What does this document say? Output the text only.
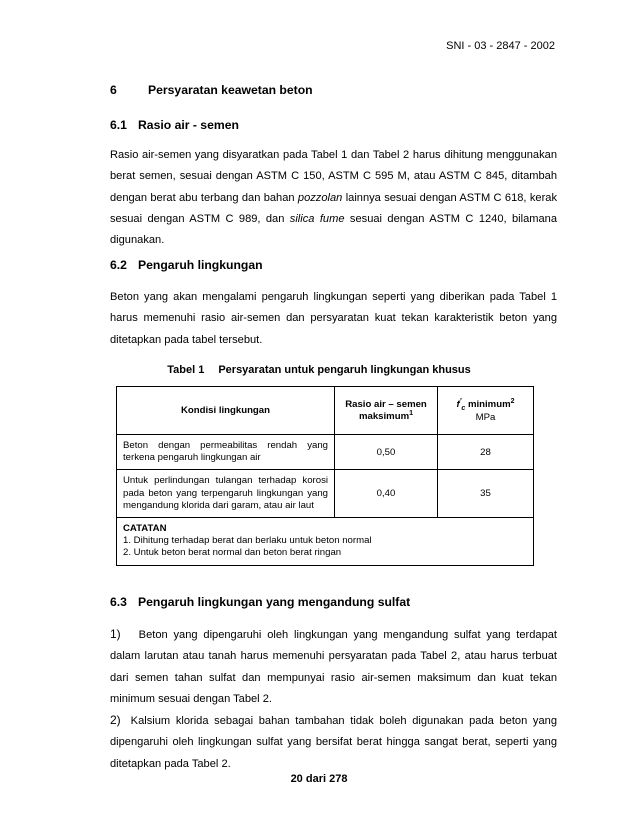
SNI - 03 - 2847 - 2002
6	Persyaratan keawetan beton
6.1 Rasio air - semen

Rasio air-semen yang disyaratkan pada Tabel 1 dan Tabel 2 harus dihitung menggunakan berat semen, sesuai dengan ASTM C 150, ASTM C 595 M, atau ASTM C 845, ditambah dengan berat abu terbang dan bahan pozzolan lainnya sesuai dengan ASTM C 618, kerak sesuai dengan ASTM C 989, dan silica fume sesuai dengan ASTM C 1240, bilamana digunakan.

6.2 Pengaruh lingkungan

Beton yang akan mengalami pengaruh lingkungan seperti yang diberikan pada Tabel 1 harus memenuhi rasio air-semen dan persyaratan kuat tekan karakteristik beton yang ditetapkan pada tabel tersebut.

Tabel 1 Persyaratan untuk pengaruh lingkungan khusus
Kondisi lingkungan	Rasio air – semen maksimum$^1$	$f'_c$ minimum$^2$
MPa
Beton dengan permeabilitas rendah yang terkena pengaruh lingkungan air	0,50	28
Untuk perlindungan tulangan terhadap korosi pada beton yang terpengaruh lingkungan yang mengandung klorida dari garam, atau air laut	0,40	35

CATATAN
1. Dihitung terhadap berat dan berlaku untuk beton normal
2. Untuk beton berat normal dan beton berat ringan		
6.3 Pengaruh lingkungan yang mengandung sulfat

1) Beton yang dipengaruhi oleh lingkungan yang mengandung sulfat yang terdapat dalam larutan atau tanah harus memenuhi persyaratan pada Tabel 2, atau harus terbuat dari semen tahan sulfat dan mempunyai rasio air-semen maksimum dan kuat tekan minimum sesuai dengan Tabel 2.

2) Kalsium klorida sebagai bahan tambahan tidak boleh digunakan pada beton yang dipengaruhi oleh lingkungan sulfat yang bersifat berat hingga sangat berat, seperti yang ditetapkan pada Tabel 2.

20 dari 278
